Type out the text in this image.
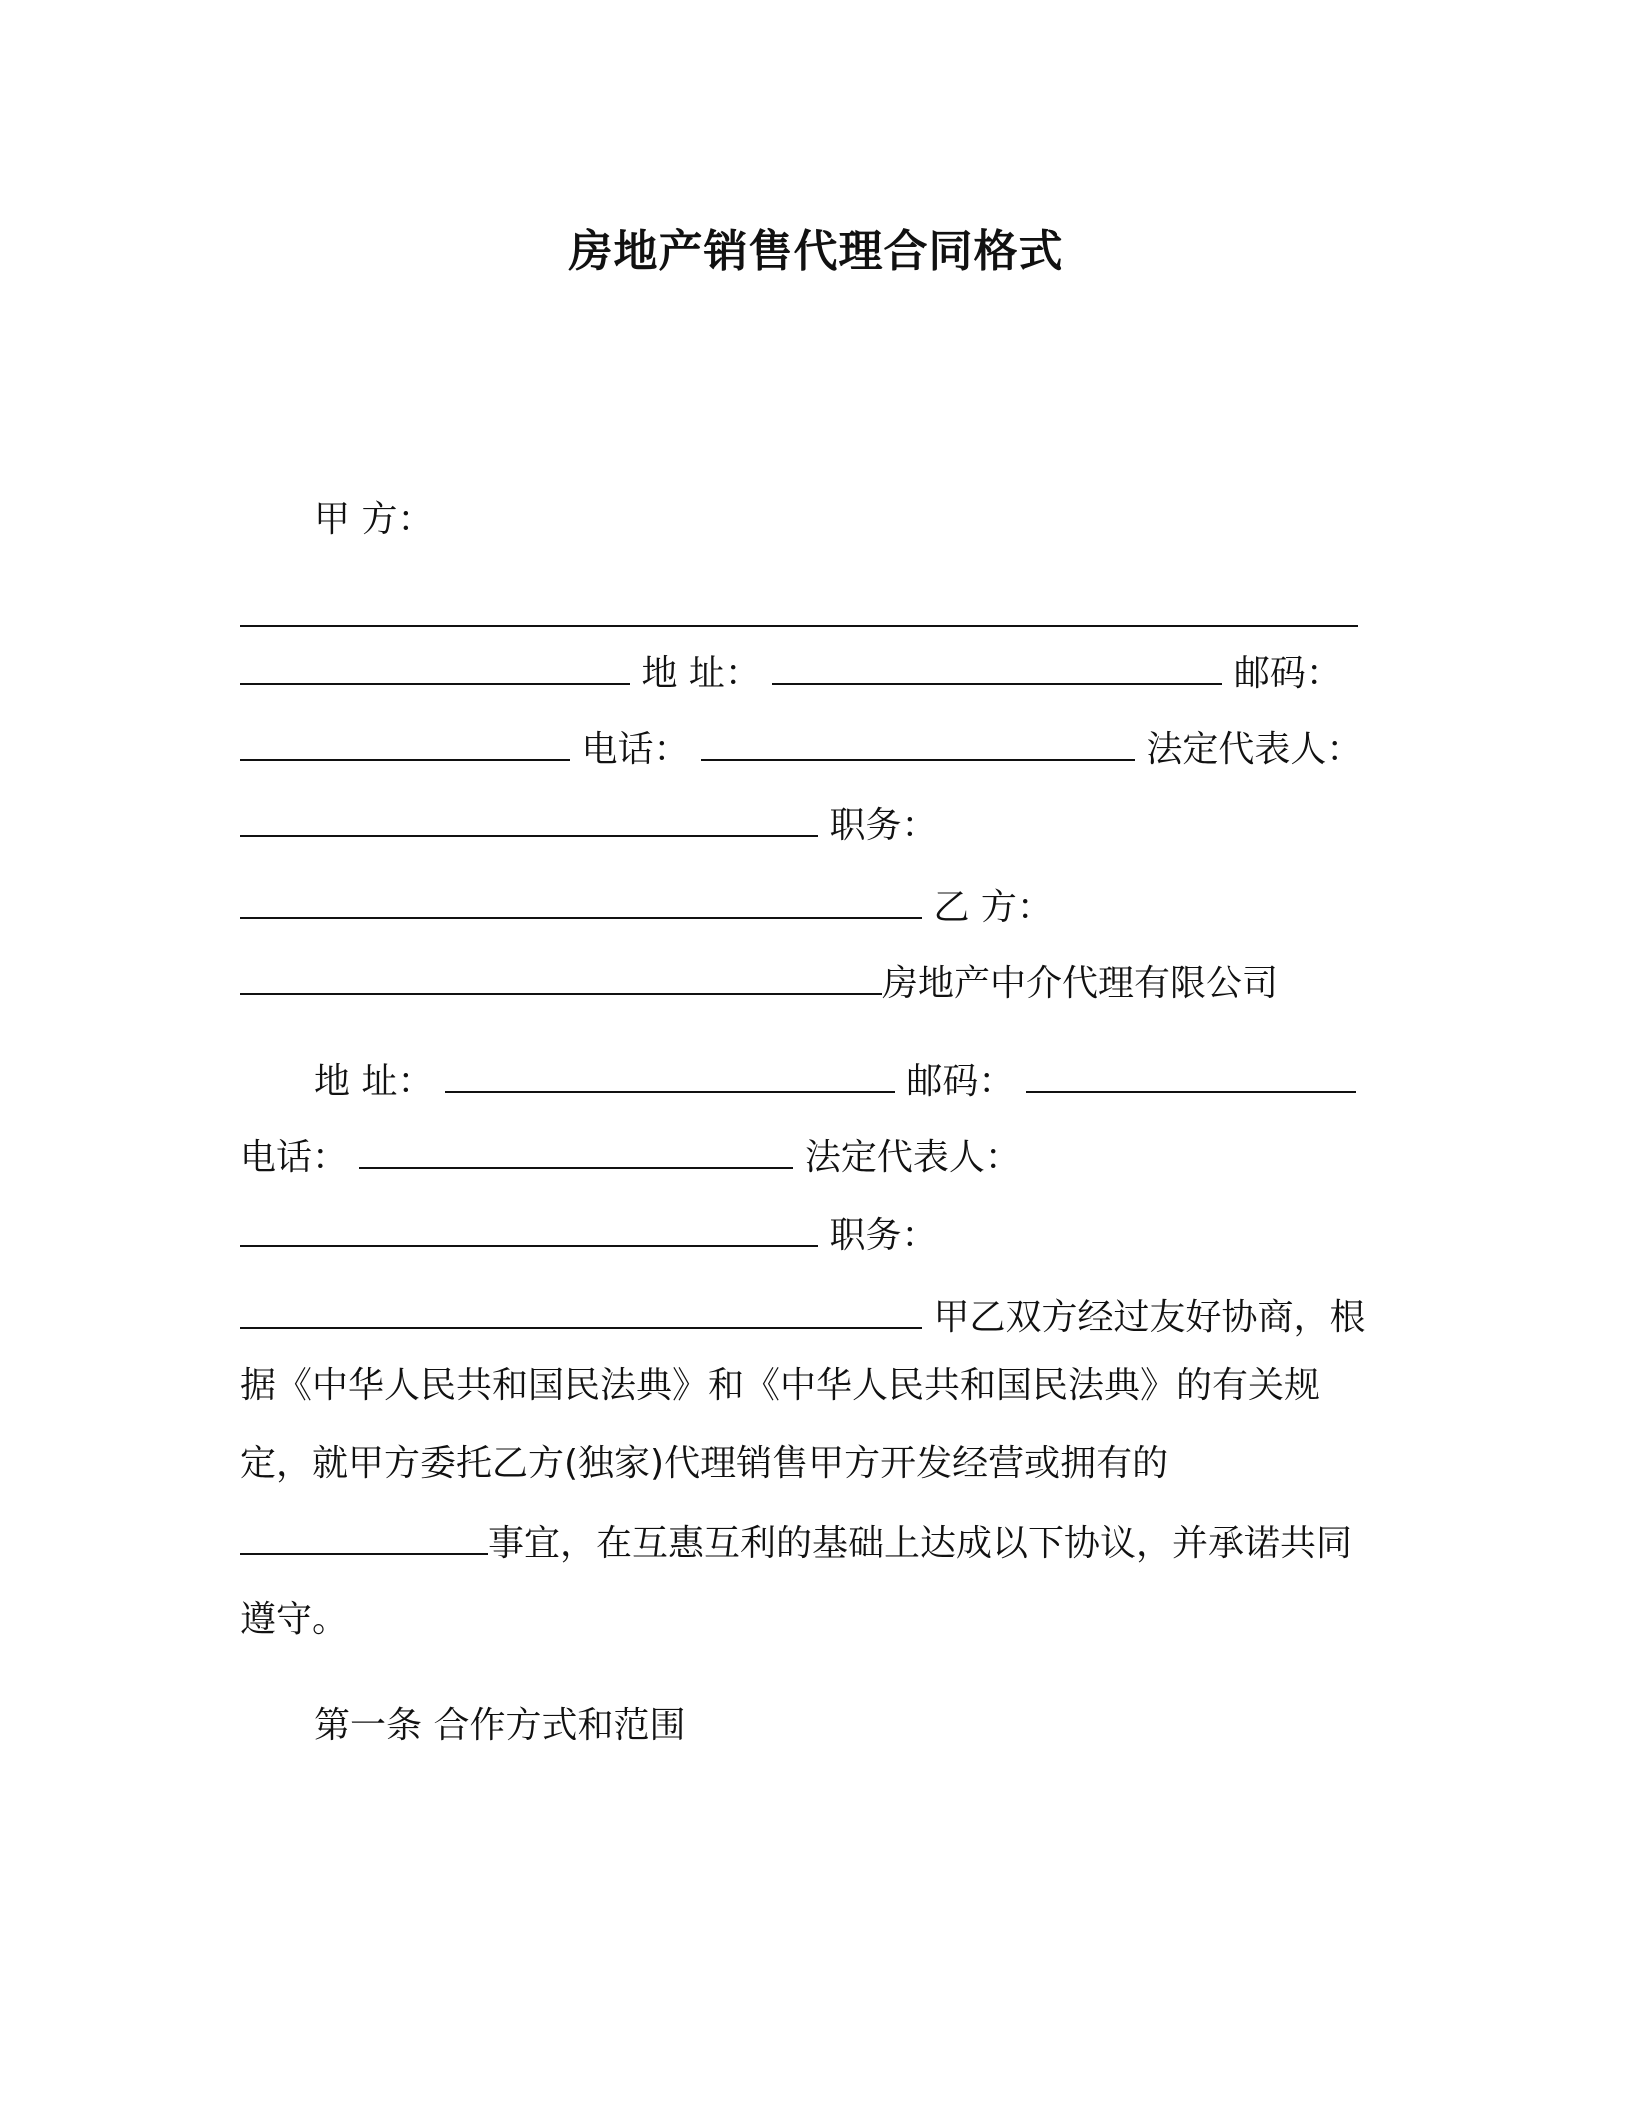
房地产销售代理合同格式
甲 方：
地 址：	邮码：
电话：	法定代表人：
职务：
乙 方：
房地产中介代理有限公司
地 址：	邮码：
电话：	法定代表人：
职务：
甲乙双方经过友好协商，根
据《中华人民共和国民法典》和《中华人民共和国民法典》的有关规
定，就甲方委托乙方(独家)代理销售甲方开发经营或拥有的
事宜，在互惠互利的基础上达成以下协议，并承诺共同
遵守。
第一条 合作方式和范围
